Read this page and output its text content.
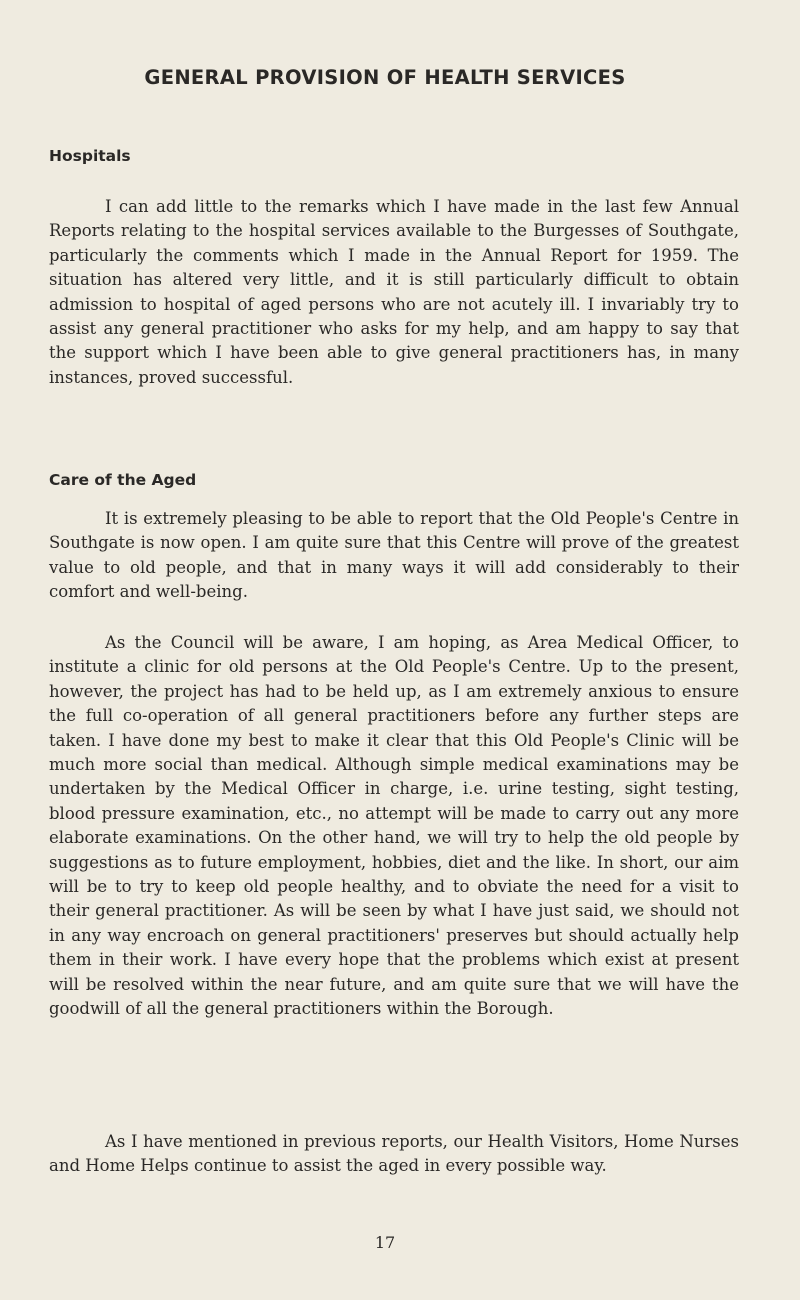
GENERAL PROVISION OF HEALTH SERVICES
Hospitals

I can add little to the remarks which I have made in the last few Annual Reports relating to the hospital services available to the Burgesses of Southgate, particularly the comments which I made in the Annual Report for 1959. The situation has altered very little, and it is still particularly difficult to obtain admission to hospital of aged persons who are not acutely ill. I invariably try to assist any general practitioner who asks for my help, and am happy to say that the support which I have been able to give general practitioners has, in many instances, proved successful.

Care of the Aged

It is extremely pleasing to be able to report that the Old People's Centre in Southgate is now open. I am quite sure that this Centre will prove of the greatest value to old people, and that in many ways it will add considerably to their comfort and well-being.

As the Council will be aware, I am hoping, as Area Medical Officer, to institute a clinic for old persons at the Old People's Centre. Up to the present, however, the project has had to be held up, as I am extremely anxious to ensure the full co-operation of all general practitioners before any further steps are taken. I have done my best to make it clear that this Old People's Clinic will be much more social than medical. Although simple medical examinations may be undertaken by the Medical Officer in charge, i.e. urine testing, sight testing, blood pressure examination, etc., no attempt will be made to carry out any more elaborate examinations. On the other hand, we will try to help the old people by suggestions as to future employment, hobbies, diet and the like. In short, our aim will be to try to keep old people healthy, and to obviate the need for a visit to their general practitioner. As will be seen by what I have just said, we should not in any way encroach on general practitioners' preserves but should actually help them in their work. I have every hope that the problems which exist at present will be resolved within the near future, and am quite sure that we will have the goodwill of all the general practitioners within the Borough.

As I have mentioned in previous reports, our Health Visitors, Home Nurses and Home Helps continue to assist the aged in every possible way.

17
